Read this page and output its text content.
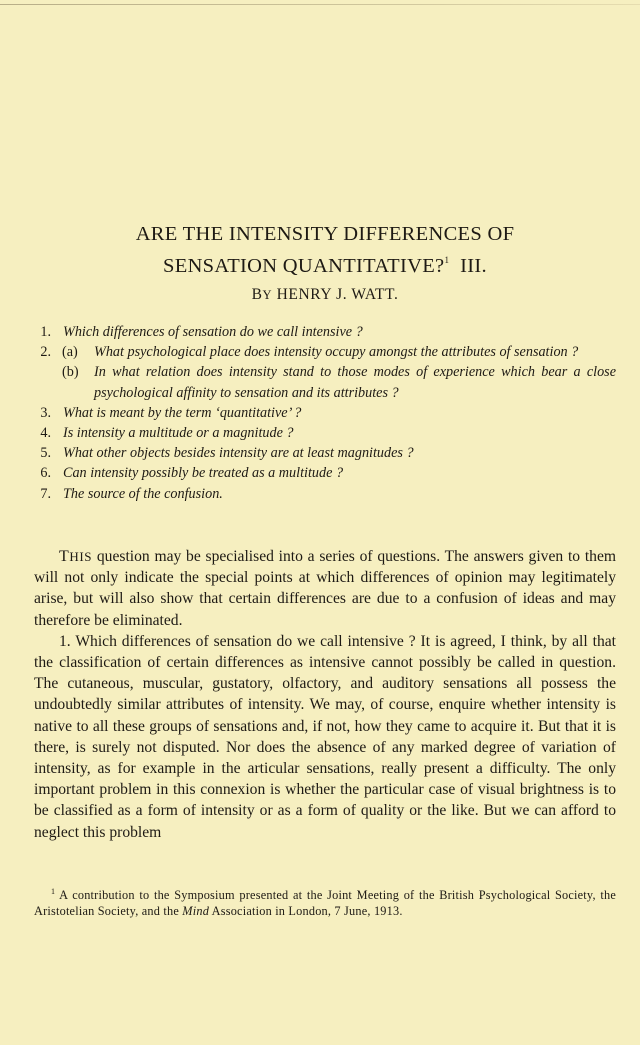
ARE THE INTENSITY DIFFERENCES OF
SENSATION QUANTITATIVE?$^1$ III.
BY HENRY J. WATT.
1. Which differences of sensation do we call intensive ?
2. (a)	What psychological place does intensity occupy amongst the attributes of sensation ?
(b)	In what relation does intensity stand to those modes of experience which bear a close psychological affinity to sensation and its attributes ?
3. What is meant by the term ‘quantitative’ ?
4. Is intensity a multitude or a magnitude ?
5. What other objects besides intensity are at least magnitudes ?
6. Can intensity possibly be treated as a multitude ?
7. The source of the confusion.

THIS question may be specialised into a series of questions. The answers given to them will not only indicate the special points at which differences of opinion may legitimately arise, but will also show that certain differences are due to a confusion of ideas and may therefore be eliminated.

1. Which differences of sensation do we call intensive ? It is agreed, I think, by all that the classification of certain differences as intensive cannot possibly be called in question. The cutaneous, muscular, gustatory, olfactory, and auditory sensations all possess the undoubtedly similar attributes of intensity. We may, of course, enquire whether intensity is native to all these groups of sensations and, if not, how they came to acquire it. But that it is there, is surely not disputed. Nor does the absence of any marked degree of variation of intensity, as for example in the articular sensations, really present a difficulty. The only important problem in this connexion is whether the particular case of visual brightness is to be classified as a form of intensity or as a form of quality or the like. But we can afford to neglect this problem

$^1$ A contribution to the Symposium presented at the Joint Meeting of the British Psychological Society, the Aristotelian Society, and the Mind Association in London, 7 June, 1913.
